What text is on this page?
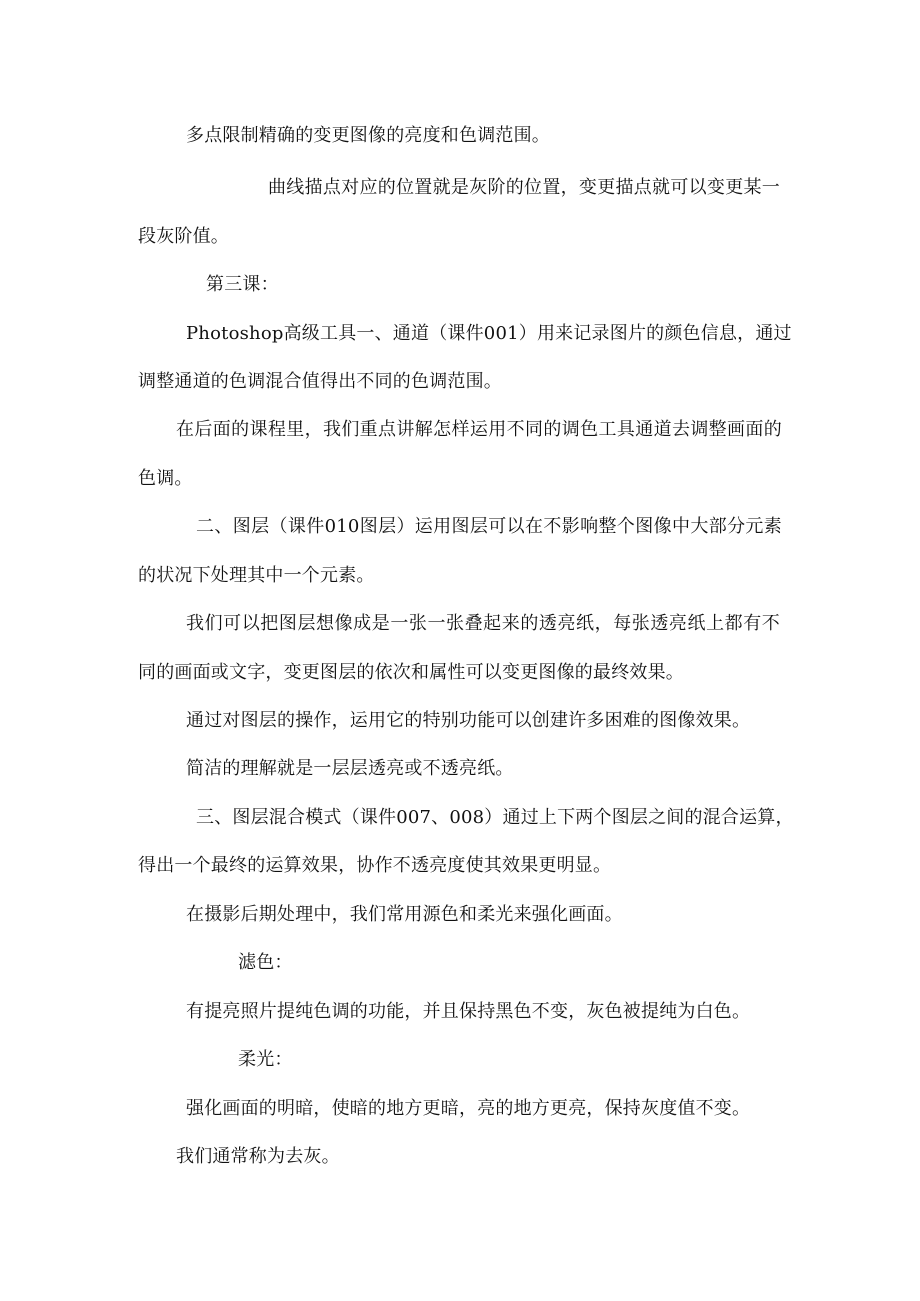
多点限制精确的变更图像的亮度和色调范围。
曲线描点对应的位置就是灰阶的位置，变更描点就可以变更某一
段灰阶值。
第三课：
Photoshop高级工具一、通道（课件001）用来记录图片的颜色信息，通过
调整通道的色调混合值得出不同的色调范围。
在后面的课程里，我们重点讲解怎样运用不同的调色工具通道去调整画面的
色调。
二、图层（课件010图层）运用图层可以在不影响整个图像中大部分元素
的状况下处理其中一个元素。
我们可以把图层想像成是一张一张叠起来的透亮纸，每张透亮纸上都有不
同的画面或文字，变更图层的依次和属性可以变更图像的最终效果。
通过对图层的操作，运用它的特别功能可以创建许多困难的图像效果。
简洁的理解就是一层层透亮或不透亮纸。
三、图层混合模式（课件007、008）通过上下两个图层之间的混合运算，
得出一个最终的运算效果，协作不透亮度使其效果更明显。
在摄影后期处理中，我们常用源色和柔光来强化画面。
滤色：
有提亮照片提纯色调的功能，并且保持黑色不变，灰色被提纯为白色。
柔光：
强化画面的明暗，使暗的地方更暗，亮的地方更亮，保持灰度值不变。
我们通常称为去灰。
